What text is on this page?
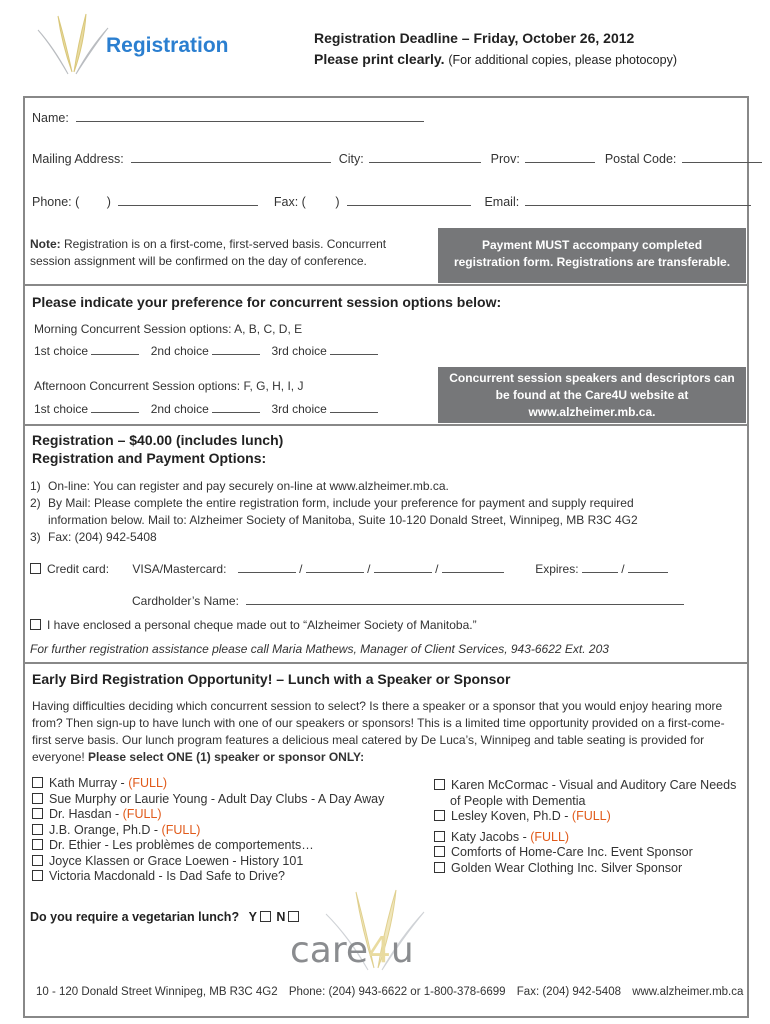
Registration	Registration Deadline – Friday, October 26, 2012
Please print clearly. (For additional copies, please photocopy)
Name:
Mailing Address:	City:	Prov:	Postal Code:
Phone: ( )	Fax: ( )	Email:
Note: Registration is on a first-come, first-served basis. Concurrent session assignment will be confirmed on the day of conference.
Payment MUST accompany completed registration form. Registrations are transferable.
Please indicate your preference for concurrent session options below:
Morning Concurrent Session options: A, B, C, D, E
1st choice	2nd choice	3rd choice
Afternoon Concurrent Session options: F, G, H, I, J
1st choice	2nd choice	3rd choice
Concurrent session speakers and descriptors can be found at the Care4U website at www.alzheimer.mb.ca.
Registration – $40.00 (includes lunch)
Registration and Payment Options:
1) On-line: You can register and pay securely on-line at www.alzheimer.mb.ca.
2) By Mail: Please complete the entire registration form, include your preference for payment and supply required information below. Mail to: Alzheimer Society of Manitoba, Suite 10-120 Donald Street, Winnipeg, MB R3C 4G2
3) Fax: (204) 942-5408
Credit card: VISA/Mastercard:	/	/	/	Expires:	/
Cardholder’s Name:
I have enclosed a personal cheque made out to “Alzheimer Society of Manitoba.”
For further registration assistance please call Maria Mathews, Manager of Client Services, 943-6622 Ext. 203
Early Bird Registration Opportunity! – Lunch with a Speaker or Sponsor
Having difficulties deciding which concurrent session to select? Is there a speaker or a sponsor that you would enjoy hearing more from? Then sign-up to have lunch with one of our speakers or sponsors! This is a limited time opportunity provided on a first-come-first serve basis. Our lunch program features a delicious meal catered by De Luca’s, Winnipeg and table seating is provided for everyone! Please select ONE (1) speaker or sponsor ONLY:
Kath Murray - (FULL)
Sue Murphy or Laurie Young - Adult Day Clubs - A Day Away
Dr. Hasdan - (FULL)
J.B. Orange, Ph.D - (FULL)
Dr. Ethier - Les problèmes de comportements…
Joyce Klassen or Grace Loewen - History 101
Victoria Macdonald - Is Dad Safe to Drive?
Karen McCormac - Visual and Auditory Care Needs
of People with Dementia
Lesley Koven, Ph.D - (FULL)
Katy Jacobs - (FULL)
Comforts of Home-Care Inc. Event Sponsor
Golden Wear Clothing Inc. Silver Sponsor
Do you require a vegetarian lunch? Y N
care4u
10 - 120 Donald Street Winnipeg, MB R3C 4G2 Phone: (204) 943-6622 or 1-800-378-6699 Fax: (204) 942-5408 www.alzheimer.mb.ca
